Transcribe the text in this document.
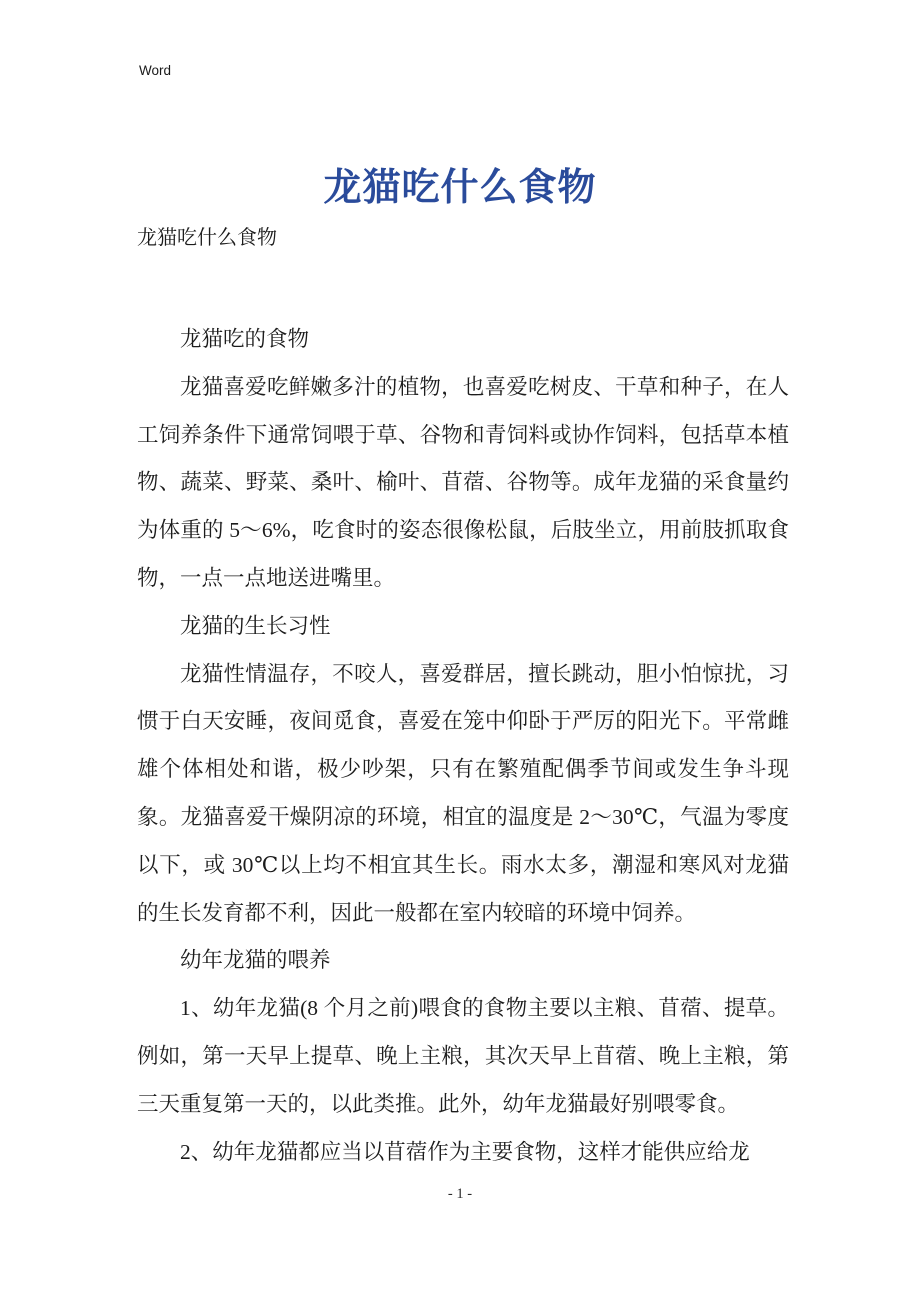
Word
龙猫吃什么食物
龙猫吃什么食物

龙猫吃的食物

龙猫喜爱吃鲜嫩多汁的植物，也喜爱吃树皮、干草和种子，在人工饲养条件下通常饲喂于草、谷物和青饲料或协作饲料，包括草本植物、蔬菜、野菜、桑叶、榆叶、苜蓿、谷物等。成年龙猫的采食量约为体重的 5～6%，吃食时的姿态很像松鼠，后肢坐立，用前肢抓取食物，一点一点地送进嘴里。

龙猫的生长习性

龙猫性情温存，不咬人，喜爱群居，擅长跳动，胆小怕惊扰，习惯于白天安睡，夜间觅食，喜爱在笼中仰卧于严厉的阳光下。平常雌雄个体相处和谐，极少吵架，只有在繁殖配偶季节间或发生争斗现象。龙猫喜爱干燥阴凉的环境，相宜的温度是 2～30℃，气温为零度以下，或 30℃以上均不相宜其生长。雨水太多，潮湿和寒风对龙猫的生长发育都不利，因此一般都在室内较暗的环境中饲养。

幼年龙猫的喂养

1、幼年龙猫(8 个月之前)喂食的食物主要以主粮、苜蓿、提草。例如，第一天早上提草、晚上主粮，其次天早上苜蓿、晚上主粮，第三天重复第一天的，以此类推。此外，幼年龙猫最好别喂零食。

2、幼年龙猫都应当以苜蓿作为主要食物，这样才能供应给龙

- 1 -
